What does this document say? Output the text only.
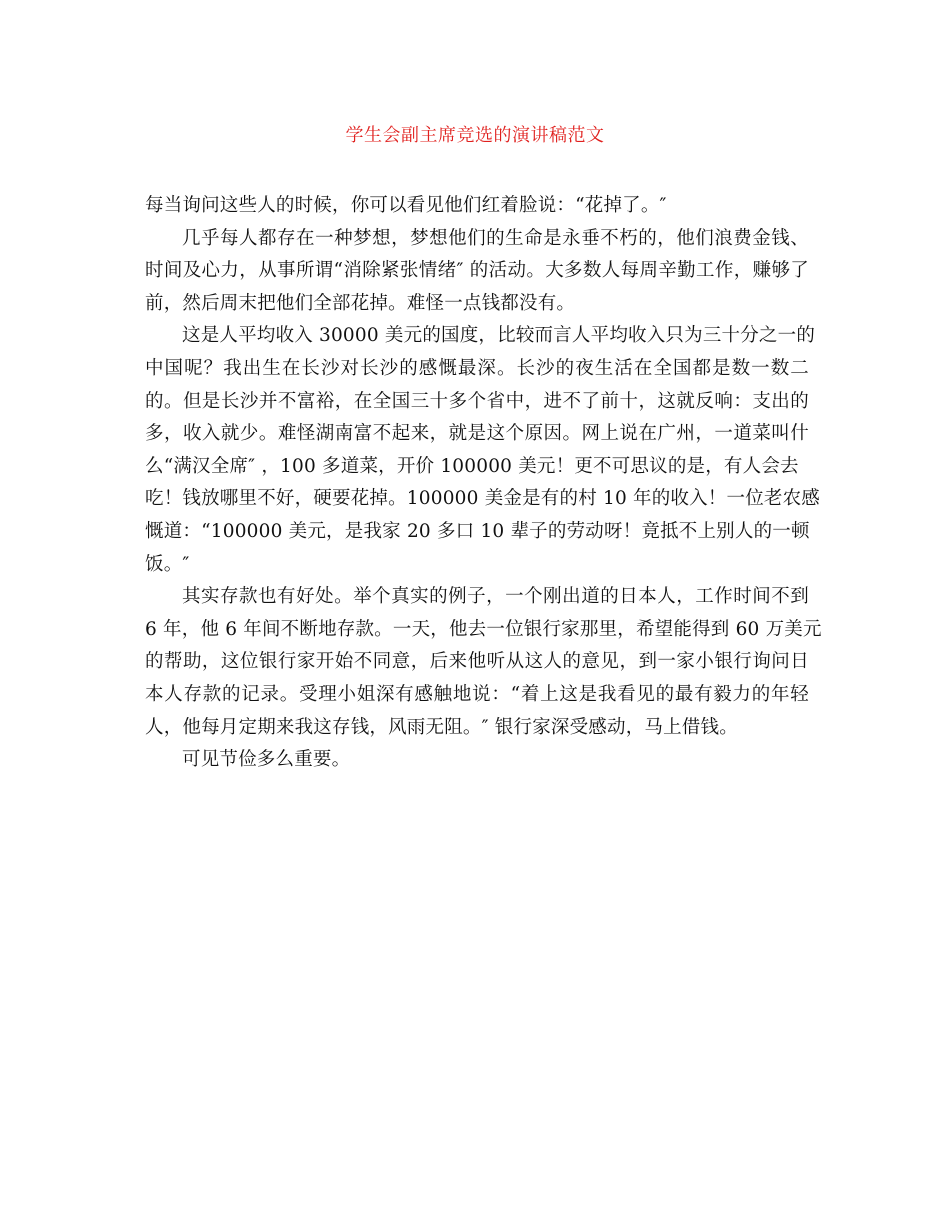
学生会副主席竞选的演讲稿范文
每当询问这些人的时候，你可以看见他们红着脸说：“花掉了。″
几乎每人都存在一种梦想，梦想他们的生命是永垂不朽的，他们浪费金钱、
时间及心力，从事所谓“消除紧张情绪″ 的活动。大多数人每周辛勤工作，赚够了
前，然后周末把他们全部花掉。难怪一点钱都没有。
这是人平均收入 30000 美元的国度，比较而言人平均收入只为三十分之一的
中国呢？我出生在长沙对长沙的感慨最深。长沙的夜生活在全国都是数一数二
的。但是长沙并不富裕，在全国三十多个省中，进不了前十，这就反响：支出的
多，收入就少。难怪湖南富不起来，就是这个原因。网上说在广州，一道菜叫什
么“满汉全席″ ，100 多道菜，开价 100000 美元！更不可思议的是，有人会去
吃！钱放哪里不好，硬要花掉。100000 美金是有的村 10 年的收入！一位老农感
慨道：“100000 美元，是我家 20 多口 10 辈子的劳动呀！竟抵不上别人的一顿
饭。″
其实存款也有好处。举个真实的例子，一个刚出道的日本人，工作时间不到
6 年，他 6 年间不断地存款。一天，他去一位银行家那里，希望能得到 60 万美元
的帮助，这位银行家开始不同意，后来他听从这人的意见，到一家小银行询问日
本人存款的记录。受理小姐深有感触地说：“着上这是我看见的最有毅力的年轻
人，他每月定期来我这存钱，风雨无阻。″ 银行家深受感动，马上借钱。
可见节俭多么重要。
